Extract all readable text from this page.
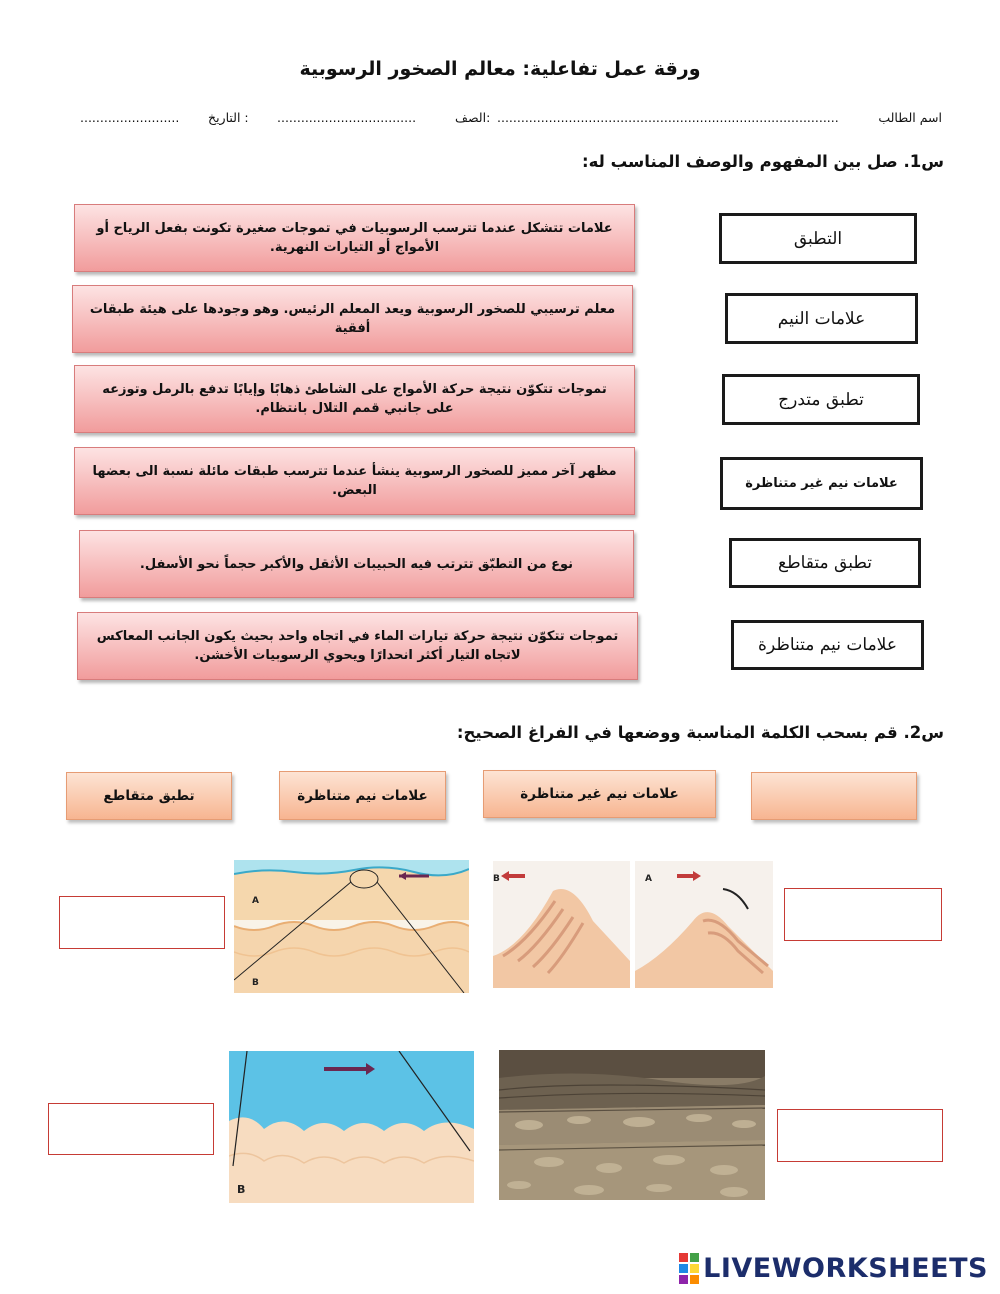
ورقة عمل تفاعلية: معالم الصخور الرسوبية
اسم الطالب
......................................................................................
الصف:
...................................
التاريخ :
.........................
س1. صل بين المفهوم والوصف المناسب له:
علامات تتشكل عندما تترسب الرسوبيات في تموجات صغيرة تكونت بفعل الرياح أو الأمواج أو التيارات النهرية.
معلم ترسيبي للصخور الرسوبية ويعد المعلم الرئيس. وهو وجودها على هيئة طبقات أفقية
تموجات تتكوّن نتيجة حركة الأمواج على الشاطئ ذهابًا وإيابًا تدفع بالرمل وتوزعه على جانبي قمم التلال بانتظام.
مظهر آخر مميز للصخور الرسوبية ينشأ عندما تترسب طبقات مائلة نسبة الى بعضها البعض.
نوع من التطبّق تترتب فيه الحبيبات الأثقل والأكبر حجماً نحو الأسفل.
تموجات تتكوّن نتيجة حركة تيارات الماء في اتجاه واحد بحيث يكون الجانب المعاكس لاتجاه التيار أكثر انحدارًا ويحوي الرسوبيات الأخشن.
التطبق
علامات النيم
تطبق متدرج
علامات نيم غير متناظرة
تطبق متقاطع
علامات نيم متناظرة
س2. قم بسحب الكلمة المناسبة ووضعها في الفراغ الصحيح:
علامات نيم غير متناظرة
علامات نيم متناظرة
تطبق متقاطع
A
B
B	A
B
LIVEWORKSHEETS
